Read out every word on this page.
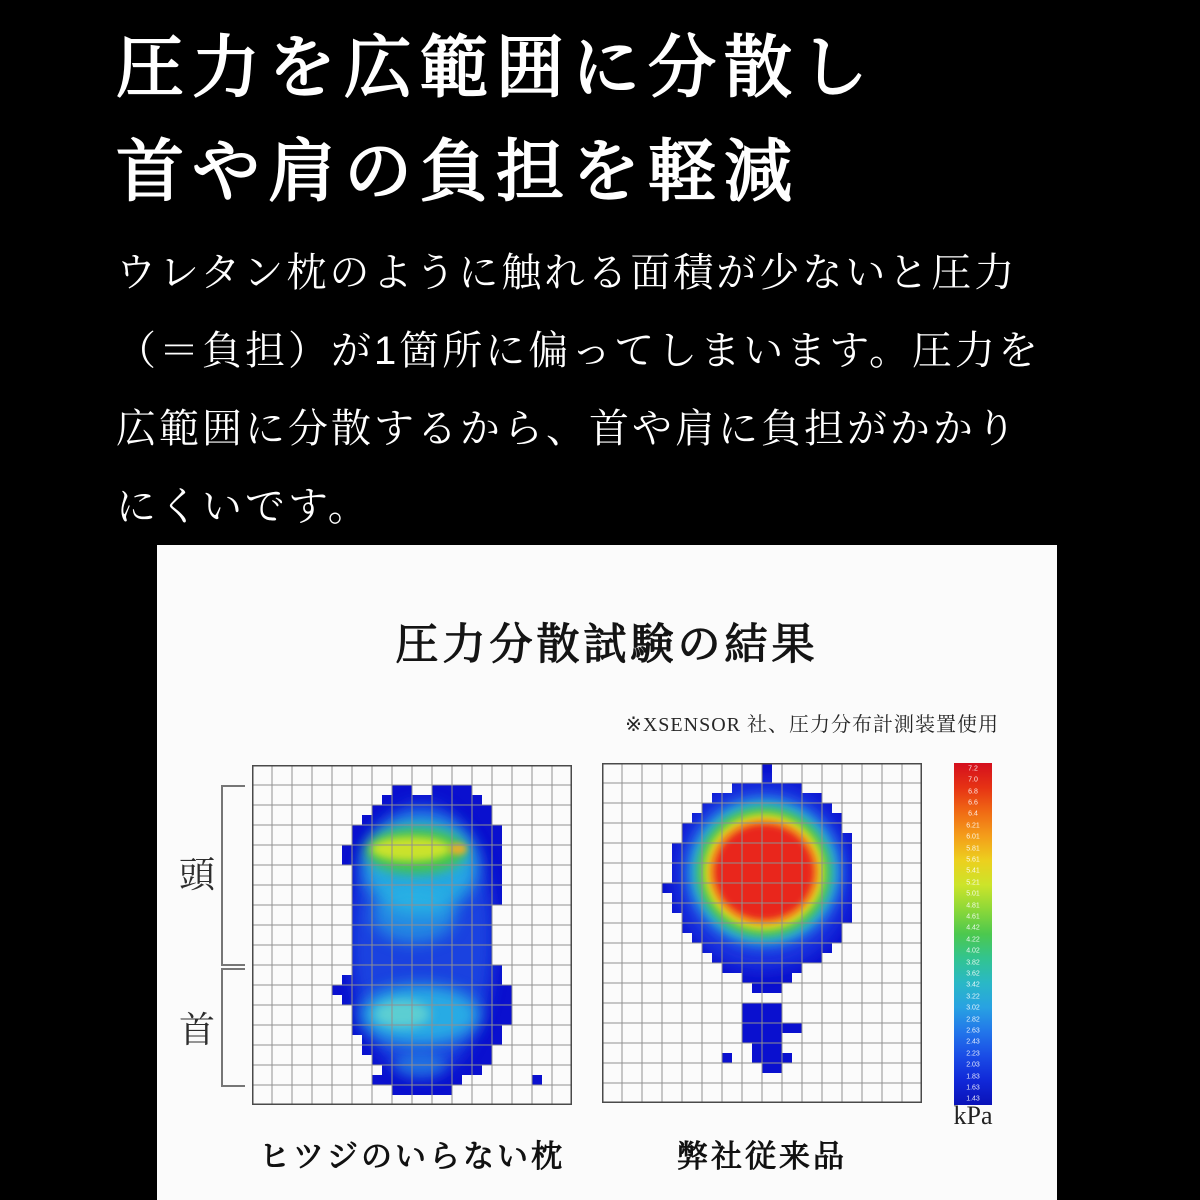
圧力を広範囲に分散し
首や肩の負担を軽減
ウレタン枕のように触れる面積が少ないと圧力
（＝負担）が1箇所に偏ってしまいます。圧力を
広範囲に分散するから、首や肩に負担がかかり
にくいです。
圧力分散試験の結果
※XSENSOR 社、圧力分布計測装置使用
頭
首
7.2
7.0
6.8
6.6
6.4
6.21
6.01
5.81
5.61
5.41
5.21
5.01
4.81
4.61
4.42
4.22
4.02
3.82
3.62
3.42
3.22
3.02
2.82
2.63
2.43
2.23
2.03
1.83
1.63
1.43
kPa
ヒツジのいらない枕	弊社従来品
